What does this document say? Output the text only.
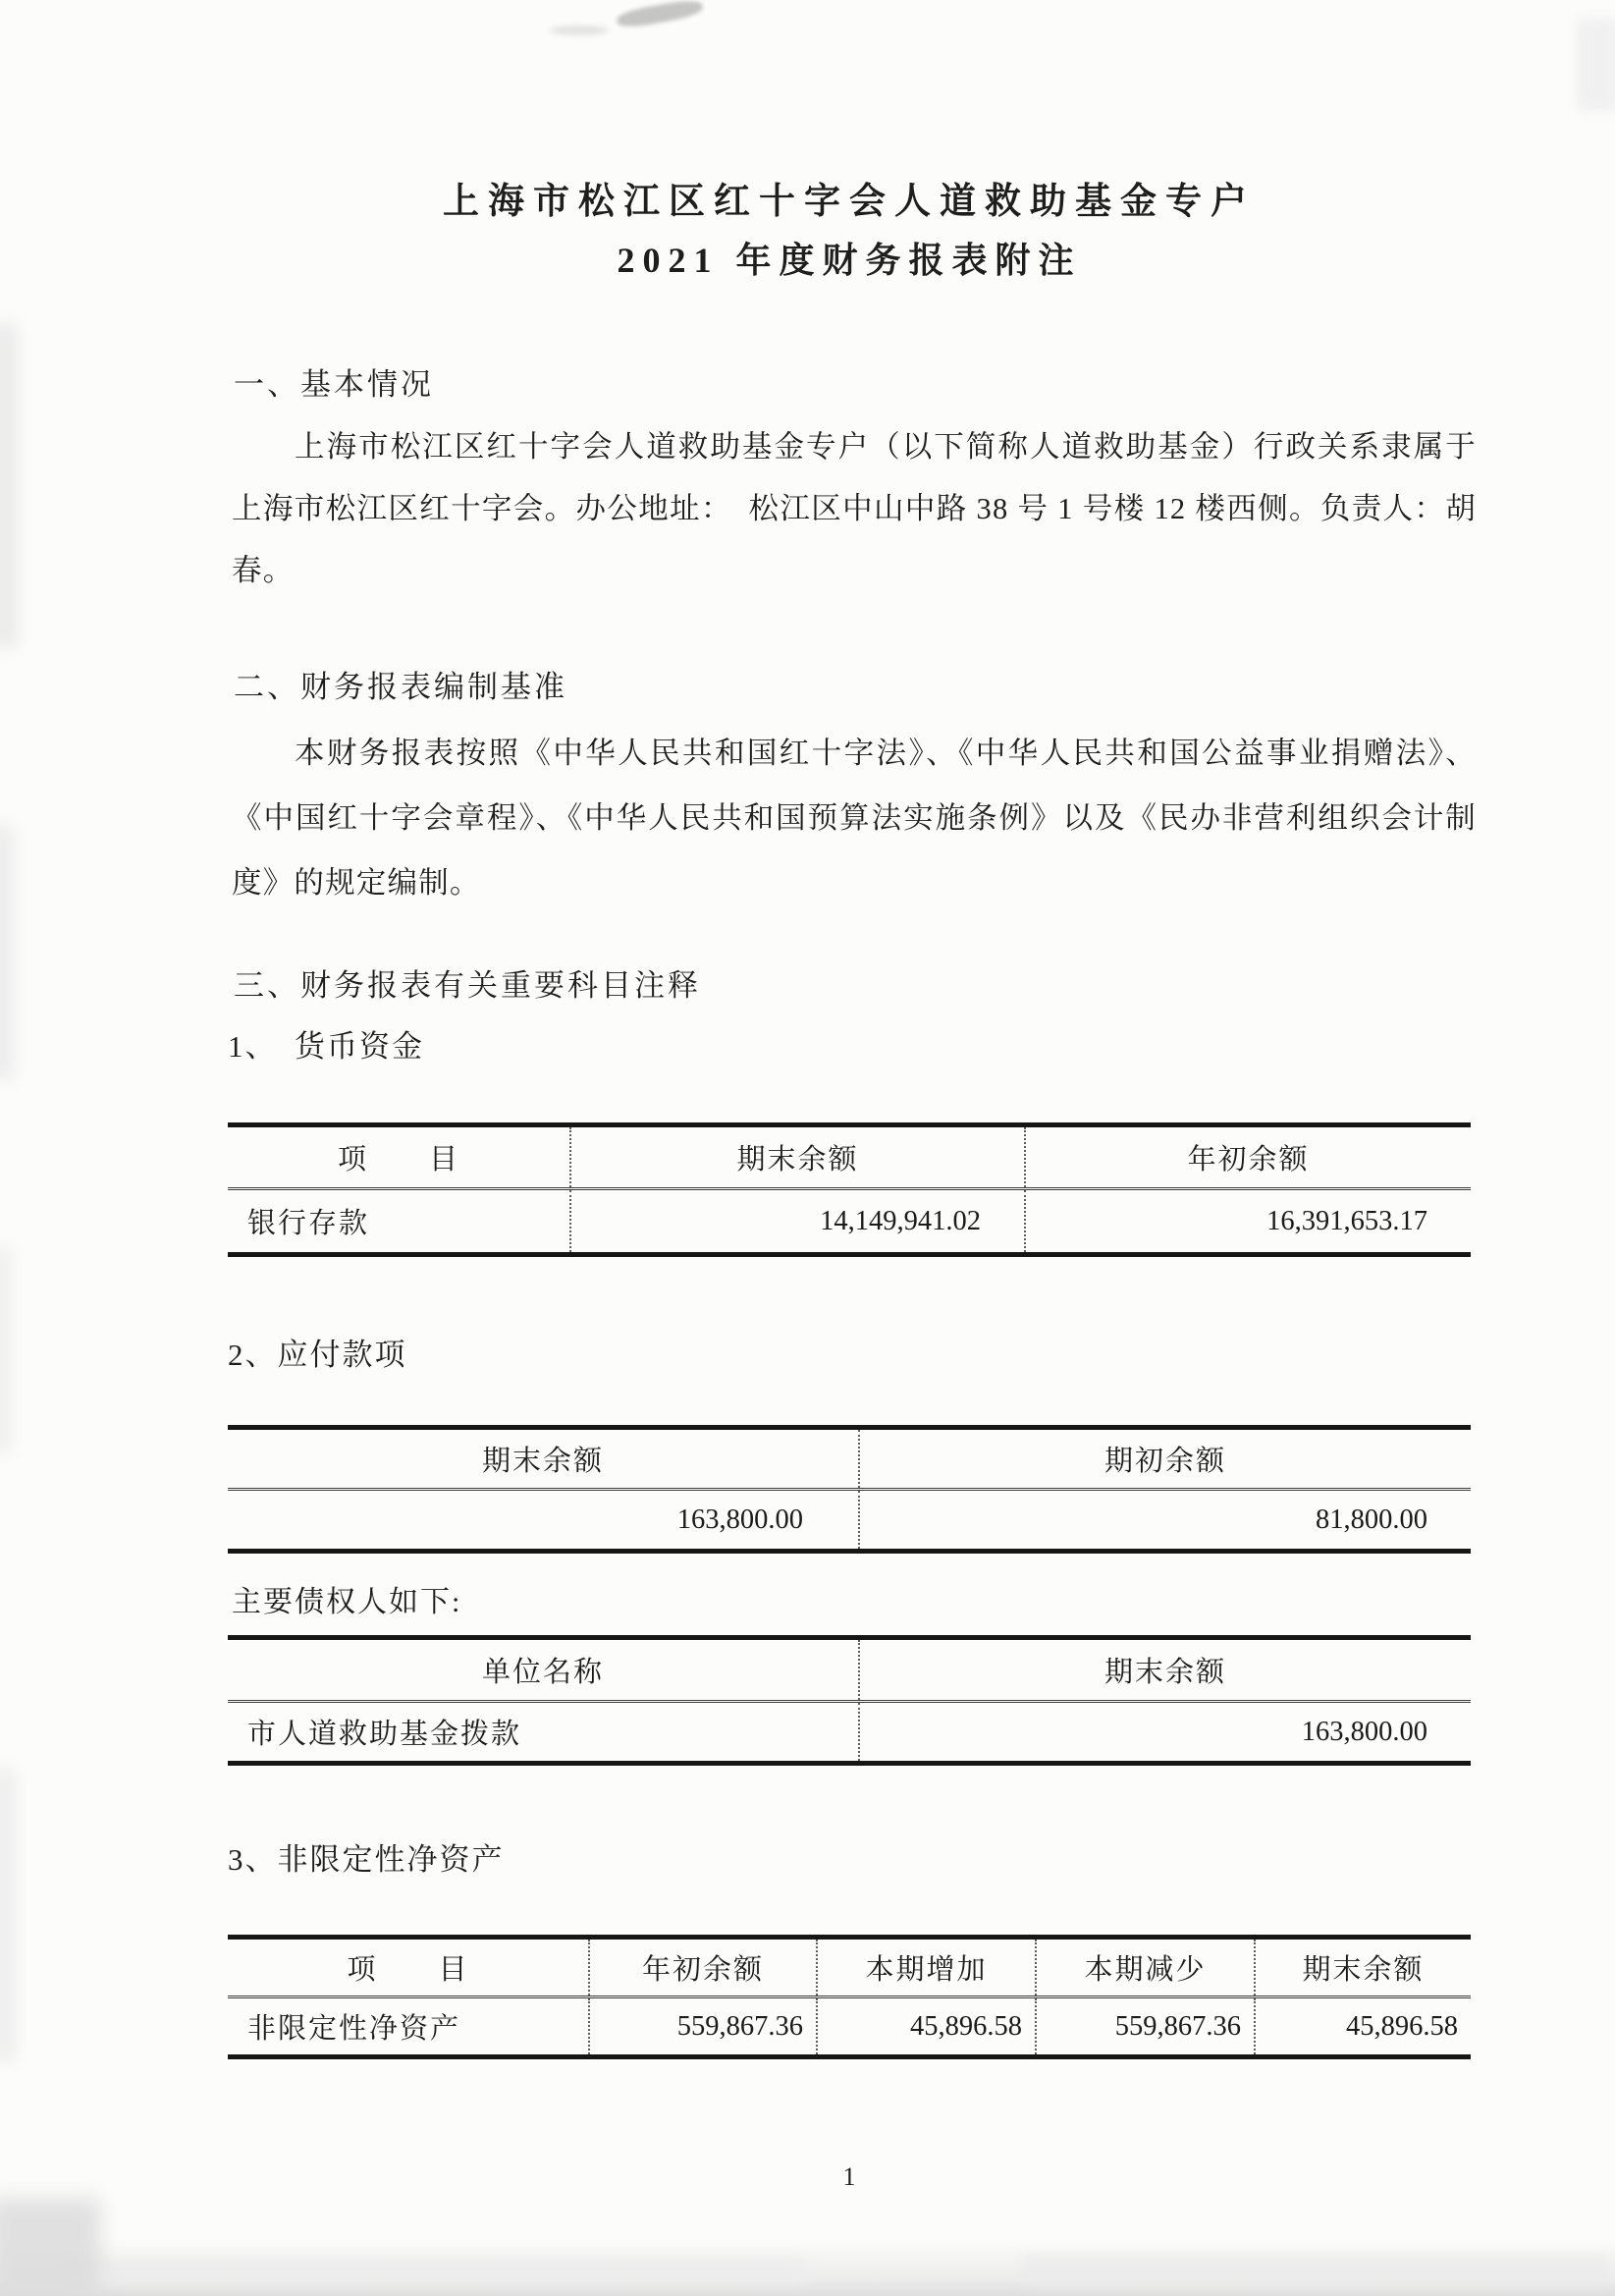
上海市松江区红十字会人道救助基金专户
2021 年度财务报表附注
一、基本情况
上海市松江区红十字会人道救助基金专户（以下简称人道救助基金）行政关系隶属于上海市松江区红十字会。办公地址：　松江区中山中路 38 号 1 号楼 12 楼西侧。负责人：胡春。
二、财务报表编制基准
本财务报表按照《中华人民共和国红十字法》、《中华人民共和国公益事业捐赠法》、《中国红十字会章程》、《中华人民共和国预算法实施条例》以及《民办非营利组织会计制度》的规定编制。
三、财务报表有关重要科目注释
1、　货币资金
项　　目	期末余额	年初余额
银行存款	14,149,941.02	16,391,653.17
2、应付款项
期末余额	期初余额
163,800.00	81,800.00
主要债权人如下:
单位名称	期末余额
市人道救助基金拨款	163,800.00
3、非限定性净资产
项　　目	年初余额	本期增加	本期减少	期末余额
非限定性净资产	559,867.36	45,896.58	559,867.36	45,896.58
1
